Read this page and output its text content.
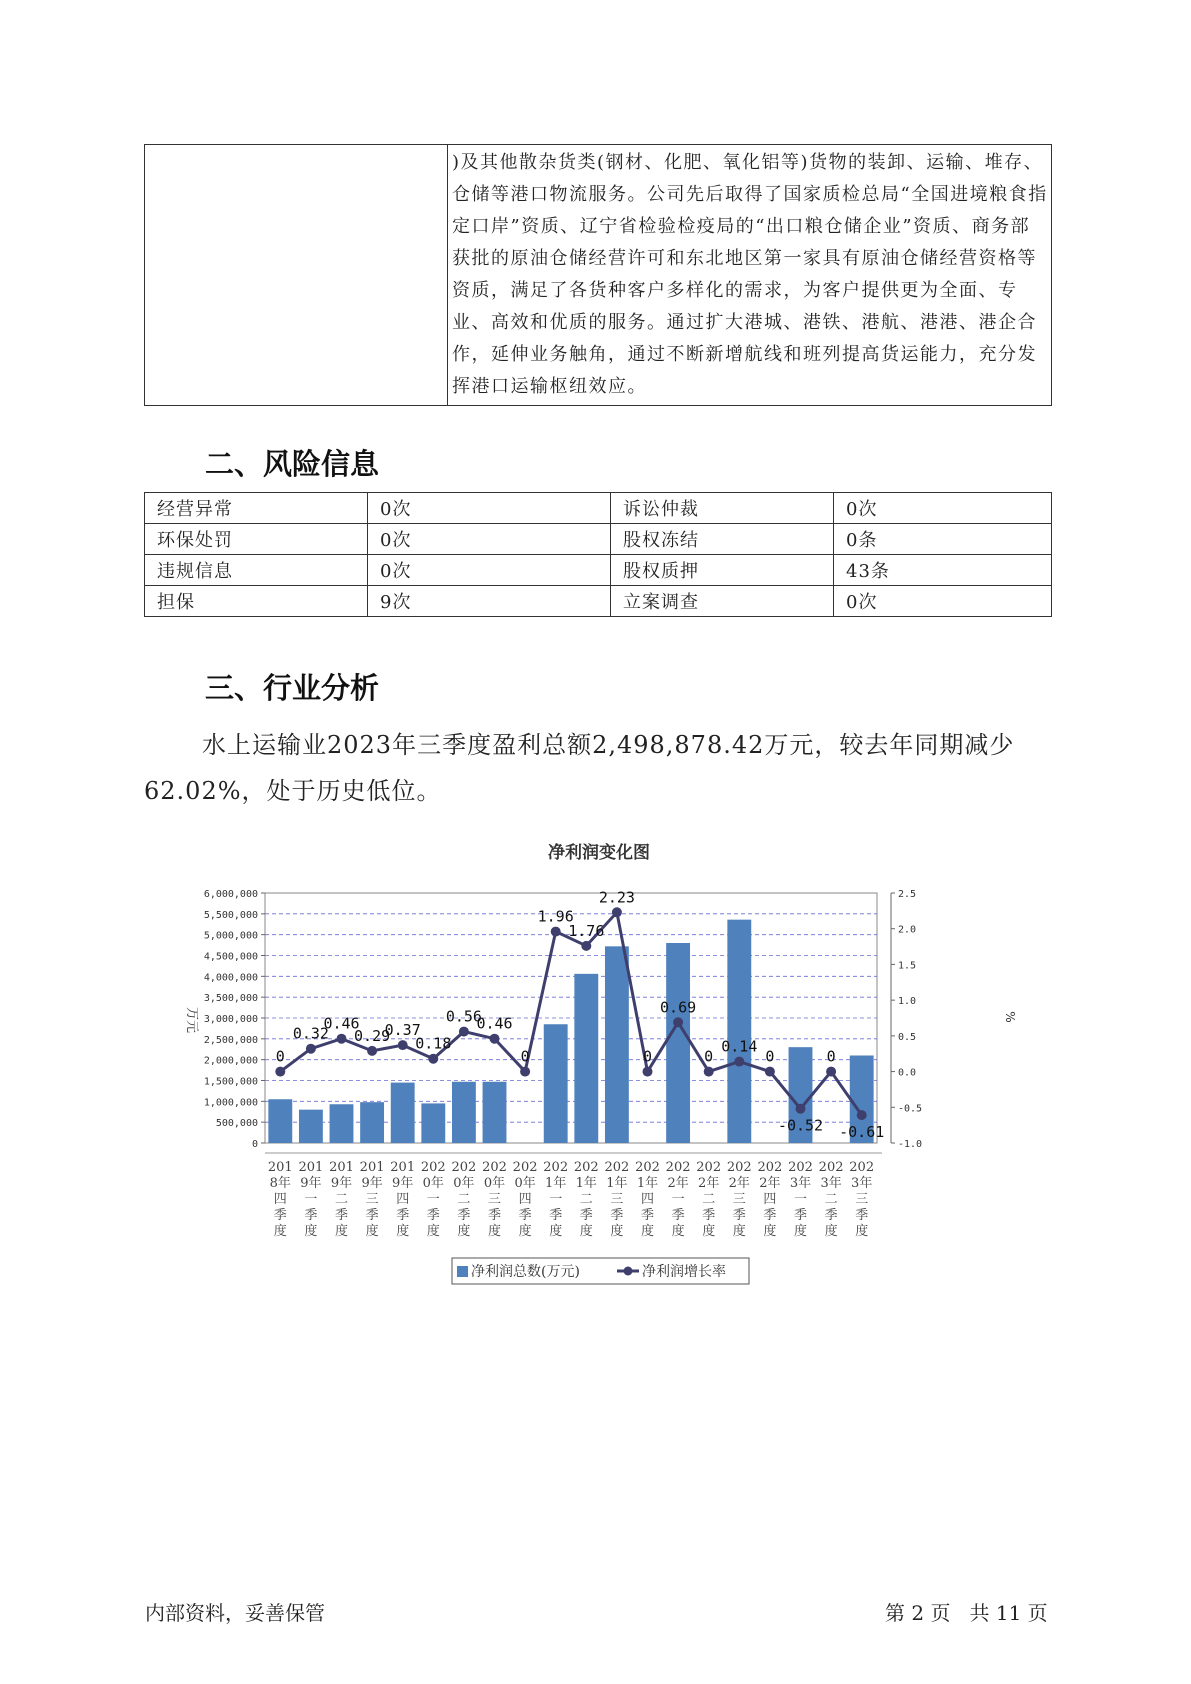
	)及其他散杂货类(钢材、化肥、氧化铝等)货物的装卸、运输、堆存、仓储等港口物流服务。公司先后取得了国家质检总局“全国进境粮食指定口岸”资质、辽宁省检验检疫局的“出口粮仓储企业”资质、商务部获批的原油仓储经营许可和东北地区第一家具有原油仓储经营资格等资质，满足了各货种客户多样化的需求，为客户提供更为全面、专业、高效和优质的服务。通过扩大港城、港铁、港航、港港、港企合作，延伸业务触角，通过不断新增航线和班列提高货运能力，充分发挥港口运输枢纽效应。
二、风险信息
经营异常	0次	诉讼仲裁	0次
环保处罚	0次	股权冻结	0条
违规信息	0次	股权质押	43条
担保	9次	立案调查	0次
三、行业分析
水上运输业2023年三季度盈利总额2,498,878.42万元，较去年同期减少62.02%，处于历史低位。
净利润变化图
6,000,000
5,500,000
5,000,000
4,500,000
4,000,000
3,500,000
3,000,000
2,500,000
2,000,000
1,500,000
1,000,000
500,000
0
2.5
2.0
1.5
1.0
0.5
0.0
-0.5
-1.0
0
0.32
0.46
0.29
0.37
0.18
0.56
0.46
0
1.96
1.76
2.23
0
0.69
0
0.14
0
-0.52
0
-0.61
201 8年四季度
201 9年一季度
201 9年二季度
201 9年三季度
201 9年四季度
202 0年一季度
202 0年二季度
202 0年三季度
202 0年四季度
202 1年一季度
202 1年二季度
202 1年三季度
202 1年四季度
202 2年一季度
202 2年二季度
202 2年三季度
202 2年四季度
202 3年一季度
202 3年二季度
202 3年三季度
万元	%
净利润总数(万元)	净利润增长率
内部资料，妥善保管	第 2 页   共 11 页
